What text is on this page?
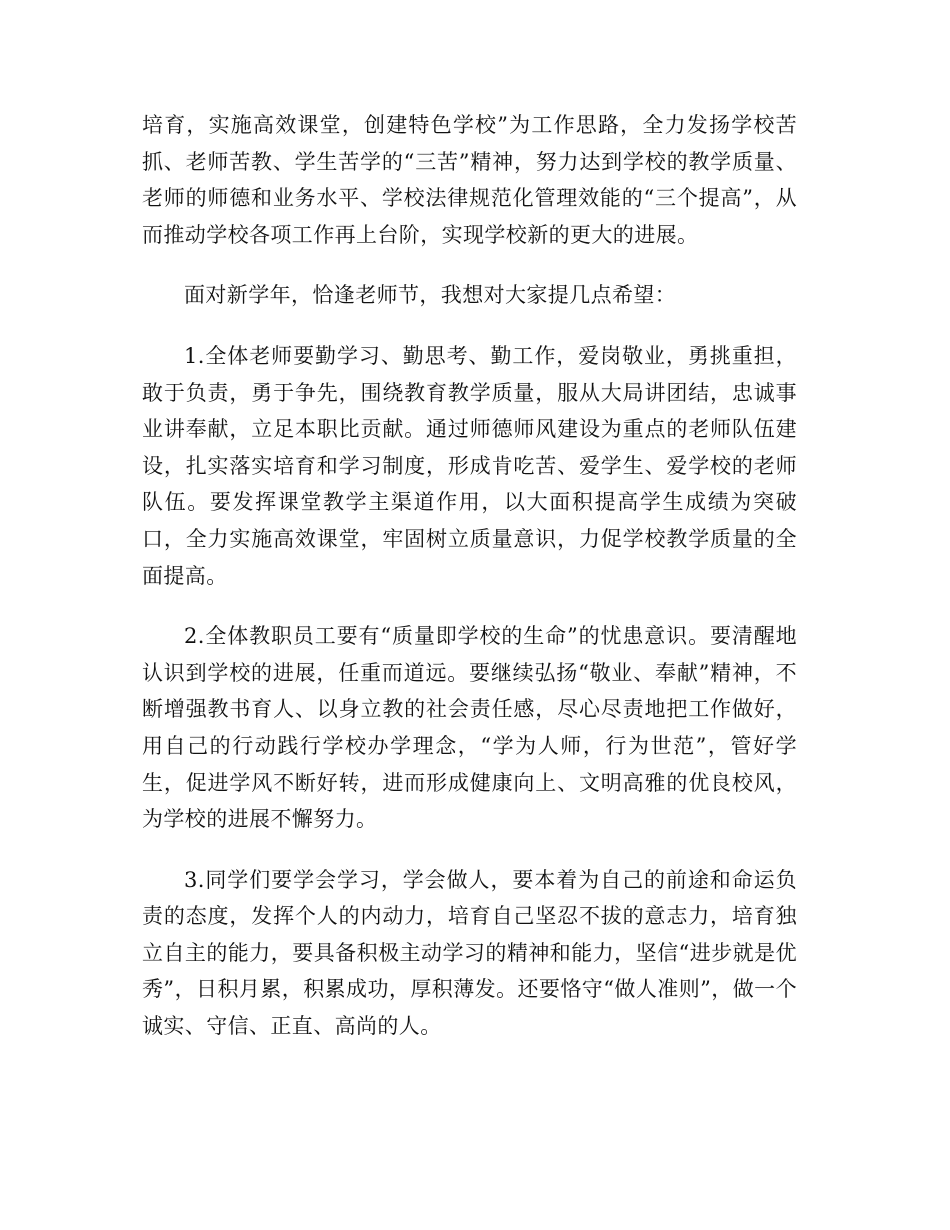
培育，实施高效课堂，创建特色学校”为工作思路，全力发扬学校苦抓、老师苦教、学生苦学的“三苦”精神，努力达到学校的教学质量、老师的师德和业务水平、学校法律规范化管理效能的“三个提高”，从而推动学校各项工作再上台阶，实现学校新的更大的进展。

面对新学年，恰逢老师节，我想对大家提几点希望：

1.全体老师要勤学习、勤思考、勤工作，爱岗敬业，勇挑重担，敢于负责，勇于争先，围绕教育教学质量，服从大局讲团结，忠诚事业讲奉献，立足本职比贡献。通过师德师风建设为重点的老师队伍建设，扎实落实培育和学习制度，形成肯吃苦、爱学生、爱学校的老师队伍。要发挥课堂教学主渠道作用，以大面积提高学生成绩为突破口，全力实施高效课堂，牢固树立质量意识，力促学校教学质量的全面提高。

2.全体教职员工要有“质量即学校的生命”的忧患意识。要清醒地认识到学校的进展，任重而道远。要继续弘扬“敬业、奉献”精神，不断增强教书育人、以身立教的社会责任感，尽心尽责地把工作做好，用自己的行动践行学校办学理念，“学为人师，行为世范”，管好学生，促进学风不断好转，进而形成健康向上、文明高雅的优良校风，为学校的进展不懈努力。

3.同学们要学会学习，学会做人，要本着为自己的前途和命运负责的态度，发挥个人的内动力，培育自己坚忍不拔的意志力，培育独立自主的能力，要具备积极主动学习的精神和能力，坚信“进步就是优秀”，日积月累，积累成功，厚积薄发。还要恪守“做人准则”，做一个诚实、守信、正直、高尚的人。
